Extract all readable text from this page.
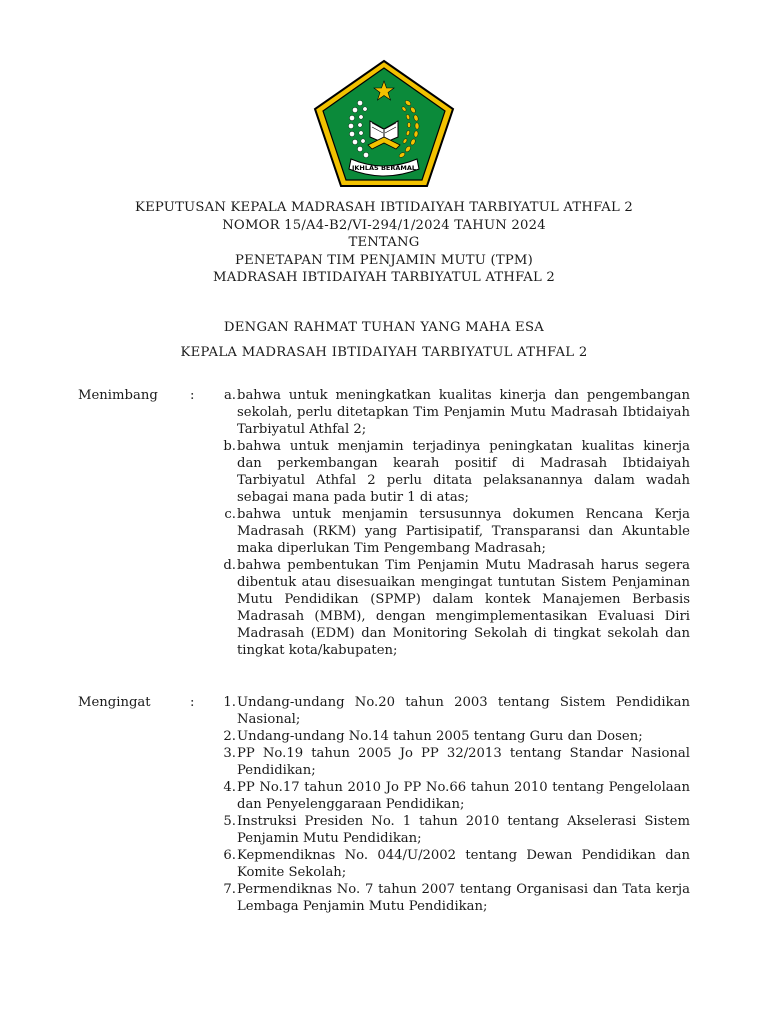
IKHLAS BERAMAL
KEPUTUSAN KEPALA MADRASAH IBTIDAIYAH TARBIYATUL ATHFAL 2
NOMOR 15/A4-B2/VI-294/1/2024 TAHUN 2024
TENTANG
PENETAPAN TIM PENJAMIN MUTU (TPM)
MADRASAH IBTIDAIYAH TARBIYATUL ATHFAL 2
DENGAN RAHMAT TUHAN YANG MAHA ESA
KEPALA MADRASAH IBTIDAIYAH TARBIYATUL ATHFAL 2
Menimbang :	a. bahwa untuk meningkatkan kualitas kinerja dan pengembangan sekolah, perlu ditetapkan Tim Penjamin Mutu Madrasah Ibtidaiyah Tarbiyatul Athfal 2;
b. bahwa untuk menjamin terjadinya peningkatan kualitas kinerja dan perkembangan kearah positif di Madrasah Ibtidaiyah Tarbiyatul Athfal 2 perlu ditata pelaksanannya dalam wadah sebagai mana pada butir 1 di atas;
c. bahwa untuk menjamin tersusunnya dokumen Rencana Kerja Madrasah (RKM) yang Partisipatif, Transparansi dan Akuntable maka diperlukan Tim Pengembang Madrasah;
d. bahwa pembentukan Tim Penjamin Mutu Madrasah harus segera dibentuk atau disesuaikan mengingat tuntutan Sistem Penjaminan Mutu Pendidikan (SPMP) dalam kontek Manajemen Berbasis Madrasah (MBM), dengan mengimplementasikan Evaluasi Diri Madrasah (EDM) dan Monitoring Sekolah di tingkat sekolah dan tingkat kota/kabupaten;
Mengingat	:	1. Undang-undang No.20 tahun 2003 tentang Sistem Pendidikan Nasional;
2. Undang-undang No.14 tahun 2005 tentang Guru dan Dosen;
3. PP No.19 tahun 2005 Jo PP 32/2013 tentang Standar Nasional Pendidikan;
4. PP No.17 tahun 2010 Jo PP No.66 tahun 2010 tentang Pengelolaan dan Penyelenggaraan Pendidikan;
5. Instruksi Presiden No. 1 tahun 2010 tentang Akselerasi Sistem Penjamin Mutu Pendidikan;
6. Kepmendiknas No. 044/U/2002 tentang Dewan Pendidikan dan Komite Sekolah;
7. Permendiknas No. 7 tahun 2007 tentang Organisasi dan Tata kerja Lembaga Penjamin Mutu Pendidikan;
